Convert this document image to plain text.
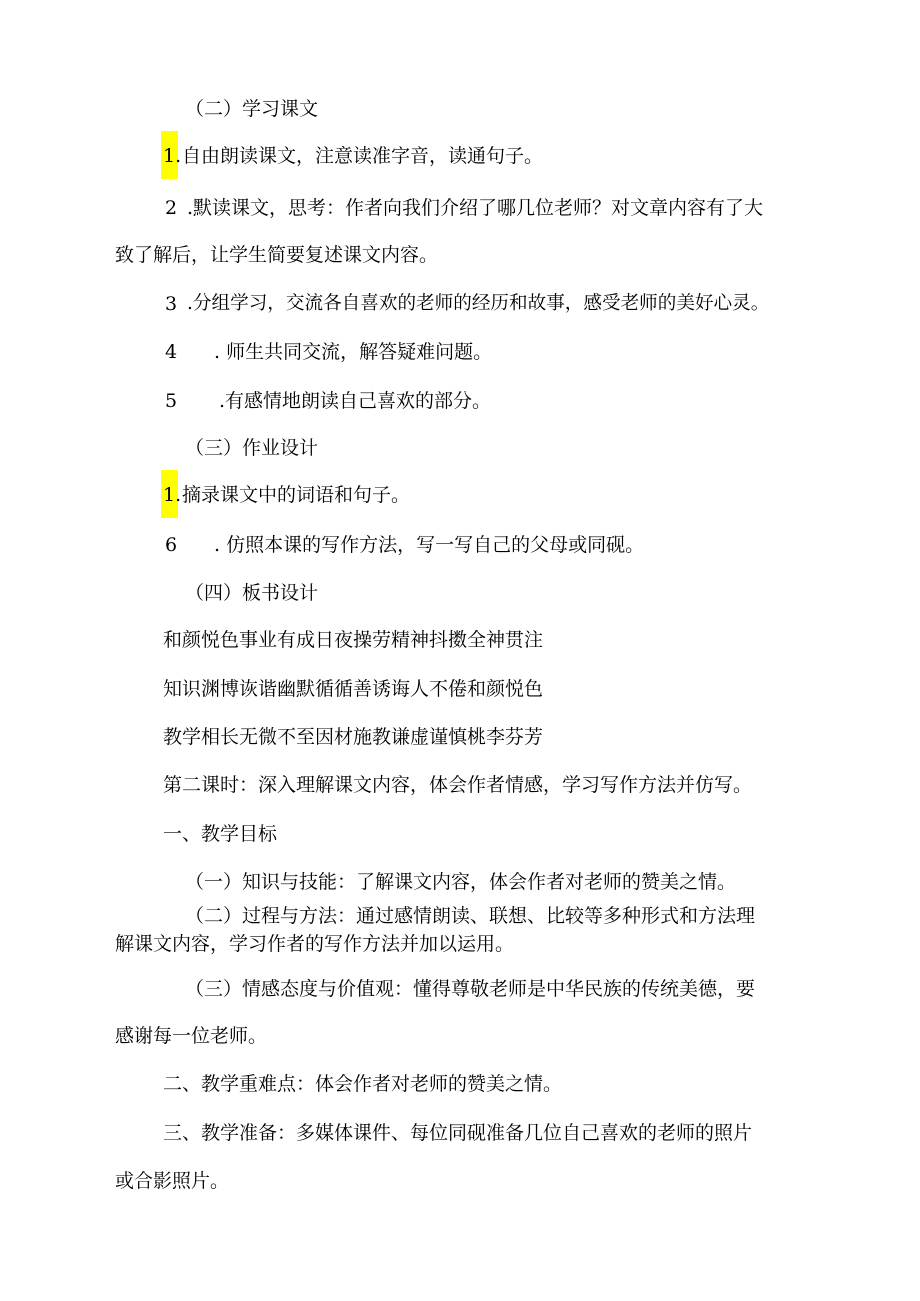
（二）学习课文
1. 自由朗读课文，注意读准字音，读通句子。
2 .默读课文，思考：作者向我们介绍了哪几位老师？对文章内容有了大
致了解后，让学生简要复述课文内容。
3 .分组学习，交流各自喜欢的老师的经历和故事，感受老师的美好心灵。
4 . 师生共同交流，解答疑难问题。
5 .有感情地朗读自己喜欢的部分。
（三）作业设计
1. 摘录课文中的词语和句子。
6 . 仿照本课的写作方法，写一写自己的父母或同砚。
（四）板书设计
和颜悦色事业有成日夜操劳精神抖擞全神贯注
知识渊博诙谐幽默循循善诱诲人不倦和颜悦色
教学相长无微不至因材施教谦虚谨慎桃李芬芳
第二课时：深入理解课文内容，体会作者情感，学习写作方法并仿写。
一、教学目标
（一）知识与技能：了解课文内容，体会作者对老师的赞美之情。
（二）过程与方法：通过感情朗读、联想、比较等多种形式和方法理
解课文内容，学习作者的写作方法并加以运用。
（三）情感态度与价值观：懂得尊敬老师是中华民族的传统美德，要
感谢每一位老师。
二、教学重难点：体会作者对老师的赞美之情。
三、教学准备：多媒体课件、每位同砚准备几位自己喜欢的老师的照片
或合影照片。
